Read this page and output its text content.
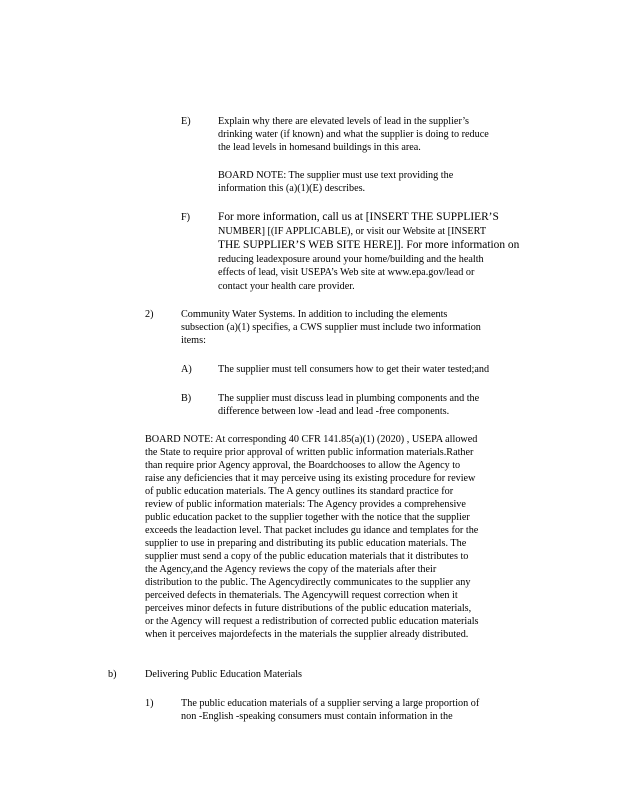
E)	Explain why there are elevated levels of lead in the supplier’s
drinking water (if known) and what the supplier is doing to reduce
the lead levels in homesand buildings in this area.
BOARD NOTE: The supplier must use text providing the
information this (a)(1)(E) describes.
F) For more information, call us at [INSERT THE SUPPLIER’S
NUMBER] [(IF APPLICABLE), or visit our Website at [INSERT
THE SUPPLIER’S WEB SITE HERE]]. For more information on
reducing leadexposure around your home/building and the health
effects of lead, visit USEPA’s Web site at www.epa.gov/lead or
contact your health care provider.
2)	Community Water Systems. In addition to including the elements
subsection (a)(1) specifies, a CWS supplier must include two information
items:
A)	The supplier must tell consumers how to get their water tested;and
B)	The supplier must discuss lead in plumbing components and the
difference between low -lead and lead -free components.
BOARD NOTE: At corresponding 40 CFR 141.85(a)(1) (2020) , USEPA allowed
the State to require prior approval of written public information materials.Rather
than require prior Agency approval, the Boardchooses to allow the Agency to
raise any deficiencies that it may perceive using its existing procedure for review
of public education materials. The A gency outlines its standard practice for
review of public information materials: The Agency provides a comprehensive
public education packet to the supplier together with the notice that the supplier
exceeds the leadaction level. That packet includes gu idance and templates for the
supplier to use in preparing and distributing its public education materials. The
supplier must send a copy of the public education materials that it distributes to
the Agency,and the Agency reviews the copy of the materials after their
distribution to the public. The Agencydirectly communicates to the supplier any
perceived defects in thematerials. The Agencywill request correction when it
perceives minor defects in future distributions of the public education materials,
or the Agency will request a redistribution of corrected public education materials
when it perceives majordefects in the materials the supplier already distributed.
b)	Delivering Public Education Materials
1)	The public education materials of a supplier serving a large proportion of
non -English -speaking consumers must contain information in the
